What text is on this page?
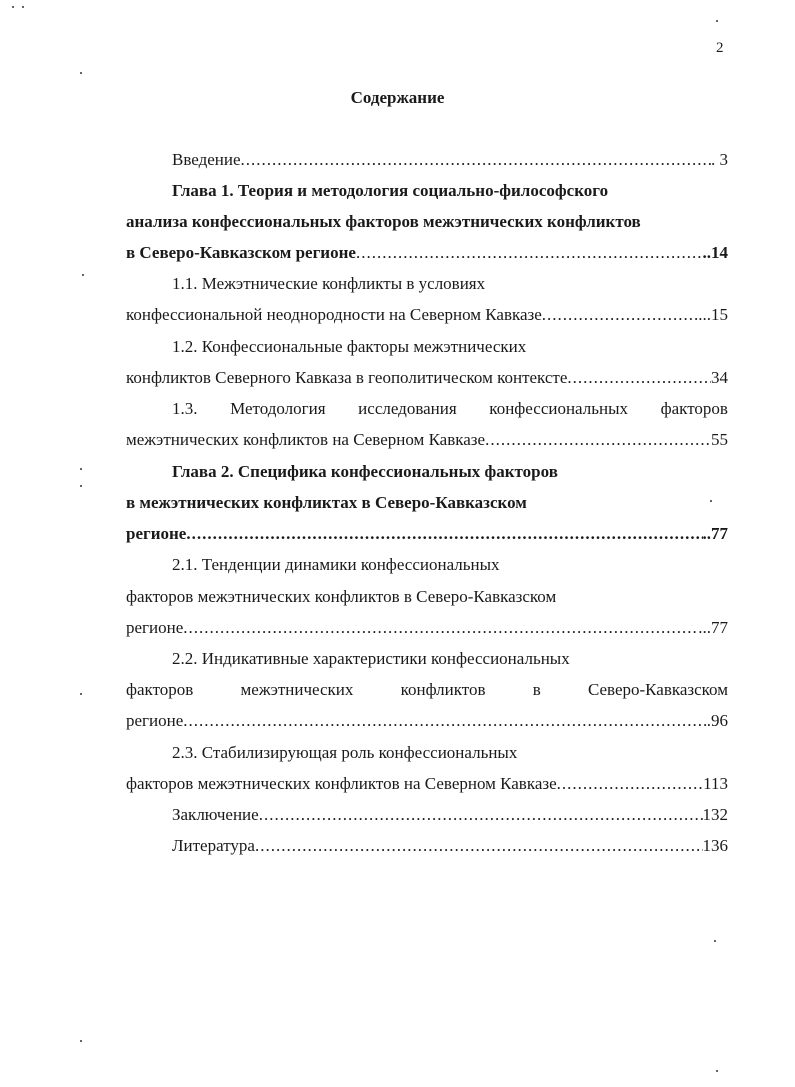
2
Содержание
Введение .....	. 3
Глава 1. Теория и методология социально-философского
анализа конфессиональных факторов межэтнических конфликтов
в Северо-Кавказском регионе .....	..14
1.1. Межэтнические конфликты в условиях
конфессиональной неоднородности на Северном Кавказе .....	...15
1.2. Конфессиональные факторы межэтнических
конфликтов Северного Кавказа в геополитическом контексте .....	34
1.3. Методология исследования конфессиональных факторов
межэтнических конфликтов на Северном Кавказе .....	55
Глава 2. Специфика конфессиональных факторов
в межэтнических конфликтах в Северо-Кавказском
регионе .....	..77
2.1. Тенденции динамики конфессиональных
факторов межэтнических конфликтов в Северо-Кавказском
регионе .....	...77
2.2. Индикативные характеристики конфессиональных
факторов	межэтнических	конфликтов	в	Северо-Кавказском
регионе .....	.96
2.3. Стабилизирующая роль конфессиональных
факторов межэтнических конфликтов на Северном Кавказе .....	113
Заключение .....	132
Литература .....	136
